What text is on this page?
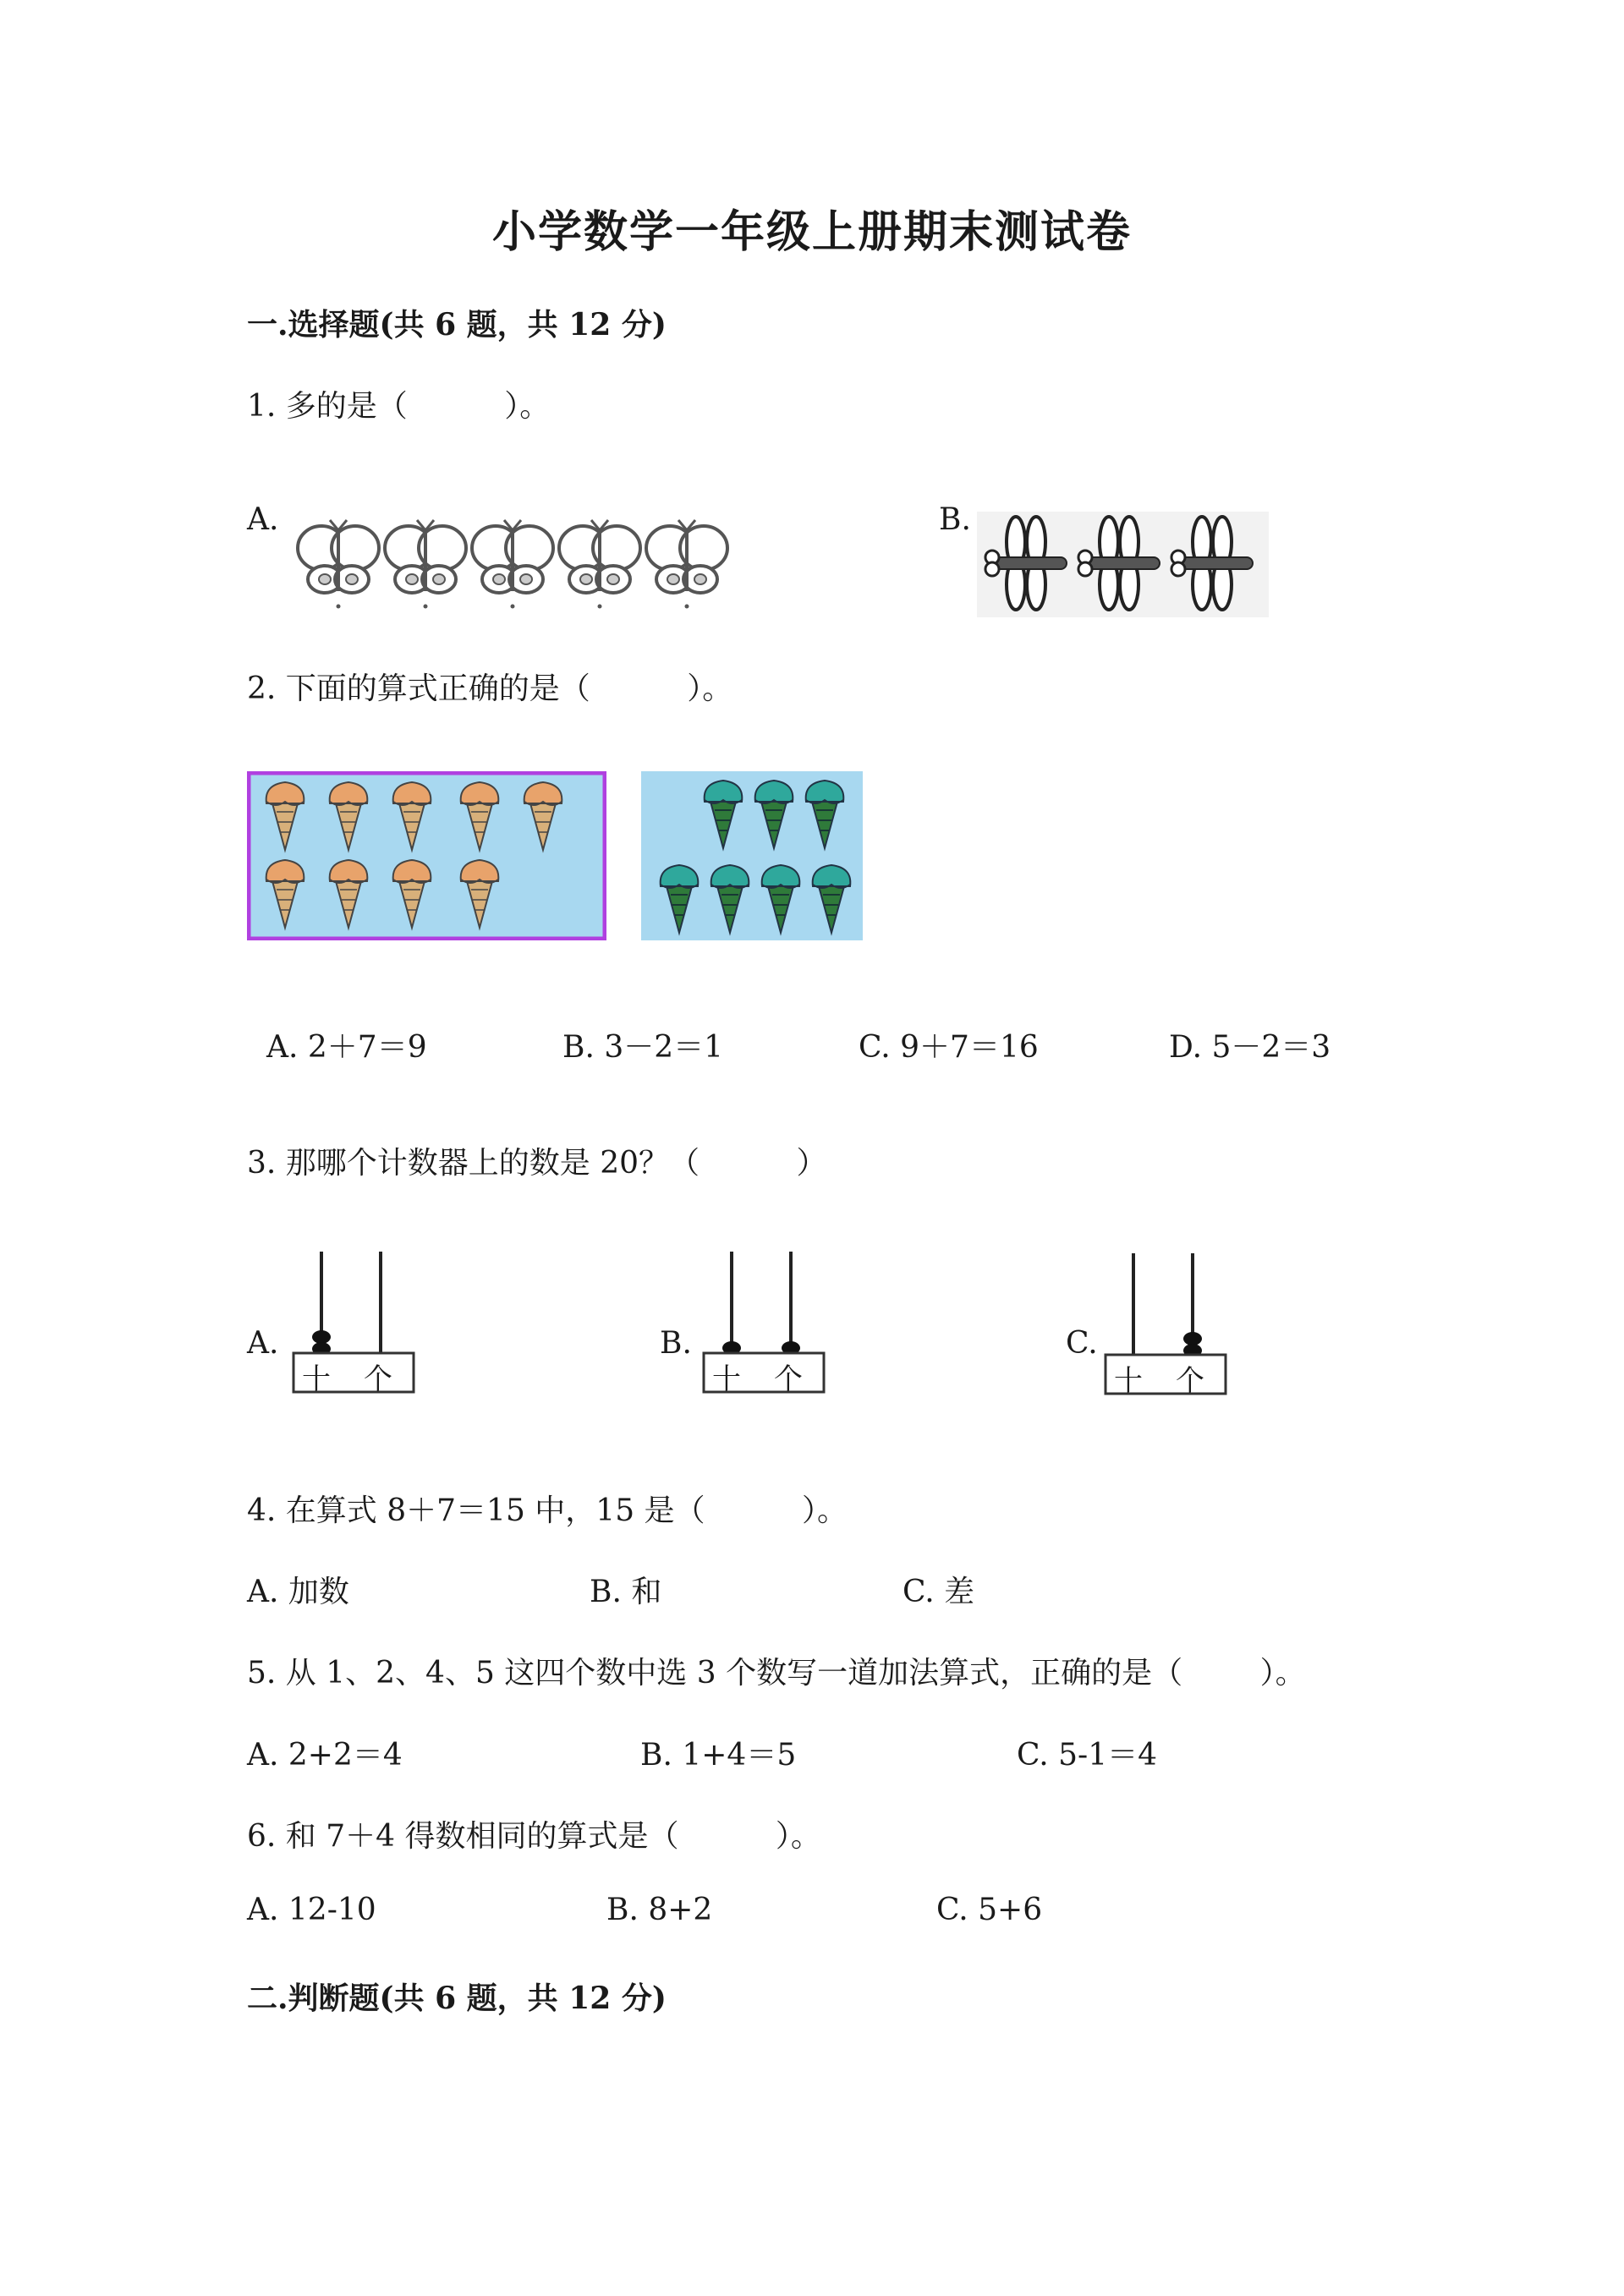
小学数学一年级上册期末测试卷
一.选择题(共 6 题，共 12 分)
1. 多的是（          ）。
A.	B.
2. 下面的算式正确的是（          ）。
A. 2＋7＝9	B. 3－2＝1	C. 9＋7＝16	D. 5－2＝3
3. 那哪个计数器上的数是 20？（          ）
A.
十 个
B.
十 个
C.
十 个
4. 在算式 8＋7＝15 中，15 是（          ）。
A. 加数	B. 和	C. 差
5. 从 1、2、4、5 这四个数中选 3 个数写一道加法算式，正确的是（        ）。
A. 2+2＝4	B. 1+4＝5	C. 5-1＝4
6. 和 7＋4 得数相同的算式是（          ）。
A. 12-10	B. 8+2	C. 5+6
二.判断题(共 6 题，共 12 分)
